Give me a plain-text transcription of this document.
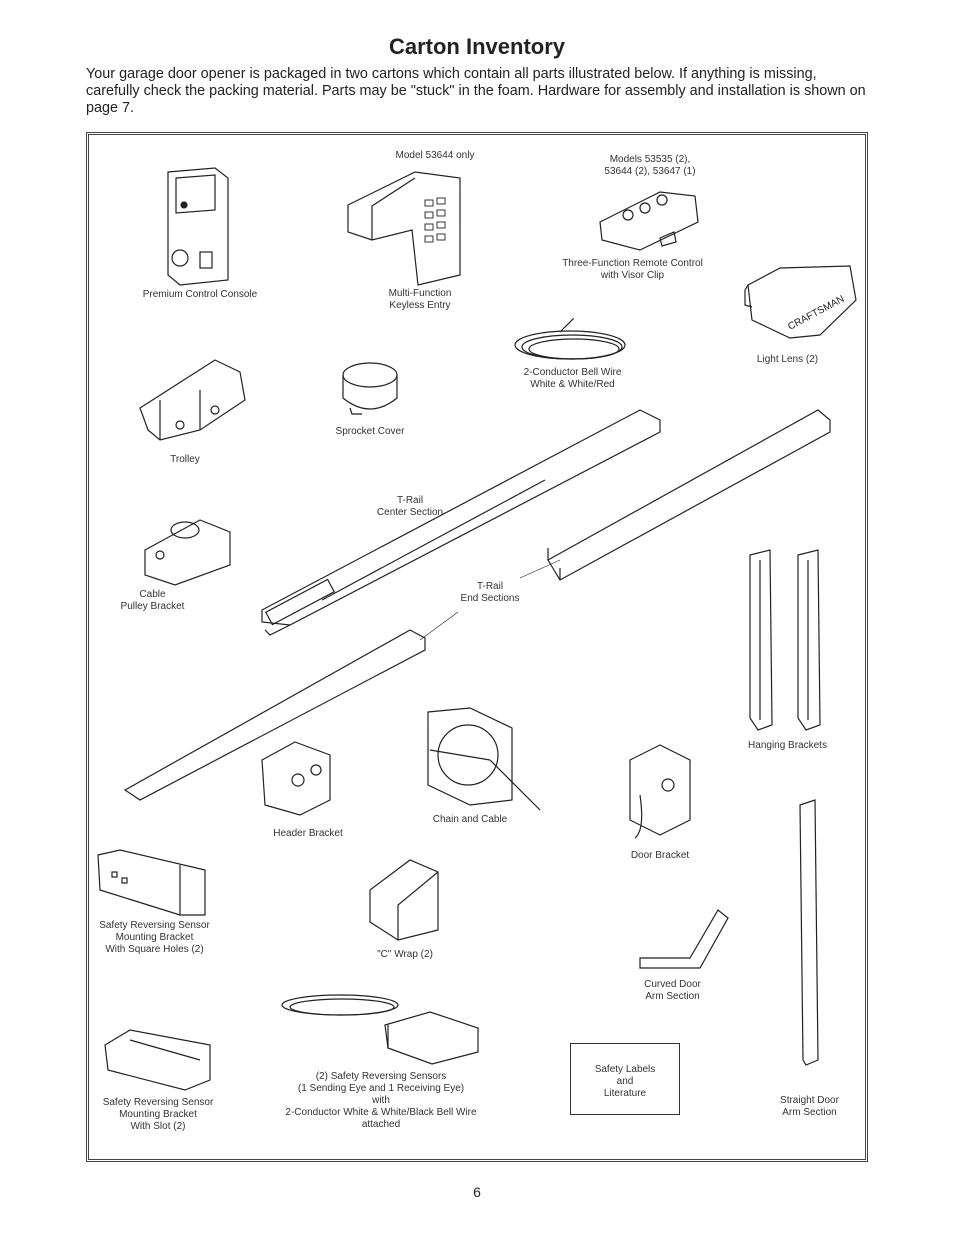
Carton Inventory
Your garage door opener is packaged in two cartons which contain all parts illustrated below. If anything is missing, carefully check the packing material. Parts may be "stuck" in the foam. Hardware for assembly and installation is shown on page 7.
CRAFTSMAN
Premium Control Console
Model 53644 only
Multi-Function
Keyless Entry
Models 53535 (2),
53644 (2), 53647 (1)
Three-Function Remote Control
with Visor Clip
Light Lens (2)
2-Conductor Bell Wire
White & White/Red
Sprocket Cover
Trolley
T-Rail
Center Section
T-Rail
End Sections
Cable
Pulley Bracket
Hanging Brackets
Header Bracket
Chain and Cable
Door Bracket
Safety Reversing Sensor
Mounting Bracket
With Square Holes (2)	"C" Wrap (2)
Curved Door
Arm Section
(2) Safety Reversing Sensors
(1 Sending Eye and 1 Receiving Eye)
with
2-Conductor White & White/Black Bell Wire
attached
Safety Labels
and
Literature
Safety Reversing Sensor
Mounting Bracket
With Slot (2)
Straight Door
Arm Section
6
